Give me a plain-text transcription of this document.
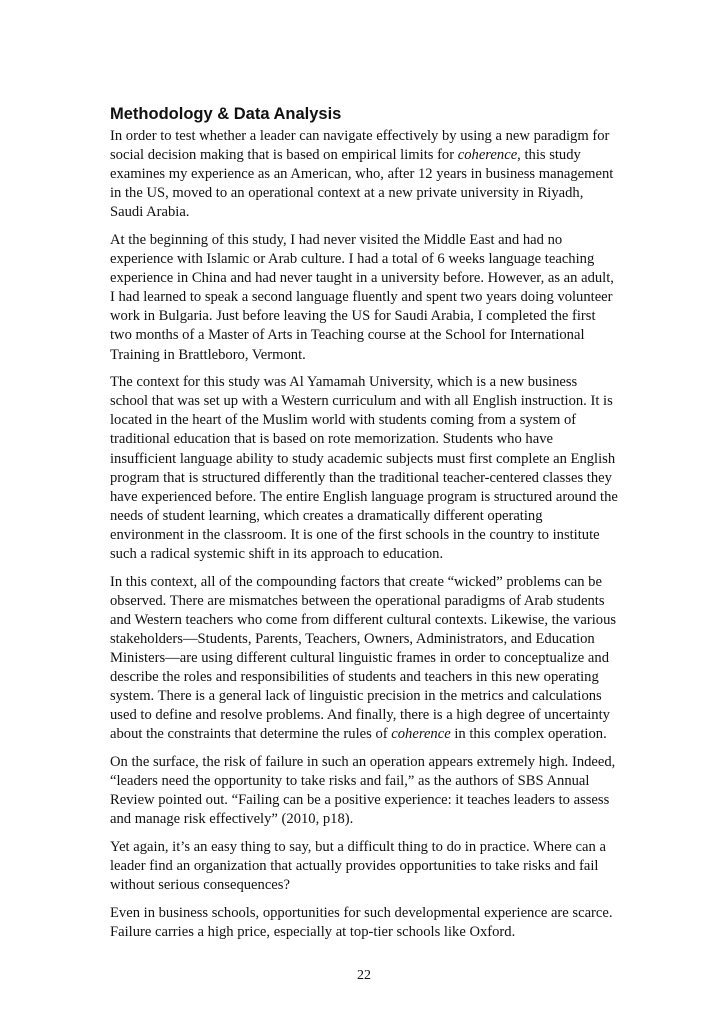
Methodology & Data Analysis

In order to test whether a leader can navigate effectively by using a new paradigm for social decision making that is based on empirical limits for coherence, this study examines my experience as an American, who, after 12 years in business management in the US, moved to an operational context at a new private university in Riyadh, Saudi Arabia.

At the beginning of this study, I had never visited the Middle East and had no experience with Islamic or Arab culture. I had a total of 6 weeks language teaching experience in China and had never taught in a university before. However, as an adult, I had learned to speak a second language fluently and spent two years doing volunteer work in Bulgaria. Just before leaving the US for Saudi Arabia, I completed the first two months of a Master of Arts in Teaching course at the School for International Training in Brattleboro, Vermont.

The context for this study was Al Yamamah University, which is a new business school that was set up with a Western curriculum and with all English instruction. It is located in the heart of the Muslim world with students coming from a system of traditional education that is based on rote memorization. Students who have insufficient language ability to study academic subjects must first complete an English program that is structured differently than the traditional teacher-centered classes they have experienced before. The entire English language program is structured around the needs of student learning, which creates a dramatically different operating environment in the classroom. It is one of the first schools in the country to institute such a radical systemic shift in its approach to education.

In this context, all of the compounding factors that create “wicked” problems can be observed. There are mismatches between the operational paradigms of Arab students and Western teachers who come from different cultural contexts. Likewise, the various stakeholders—Students, Parents, Teachers, Owners, Administrators, and Education Ministers—are using different cultural linguistic frames in order to conceptualize and describe the roles and responsibilities of students and teachers in this new operating system. There is a general lack of linguistic precision in the metrics and calculations used to define and resolve problems. And finally, there is a high degree of uncertainty about the constraints that determine the rules of coherence in this complex operation.

On the surface, the risk of failure in such an operation appears extremely high. Indeed, “leaders need the opportunity to take risks and fail,” as the authors of SBS Annual Review pointed out. “Failing can be a positive experience: it teaches leaders to assess and manage risk effectively” (2010, p18).

Yet again, it’s an easy thing to say, but a difficult thing to do in practice. Where can a leader find an organization that actually provides opportunities to take risks and fail without serious consequences?

Even in business schools, opportunities for such developmental experience are scarce. Failure carries a high price, especially at top-tier schools like Oxford.

22
